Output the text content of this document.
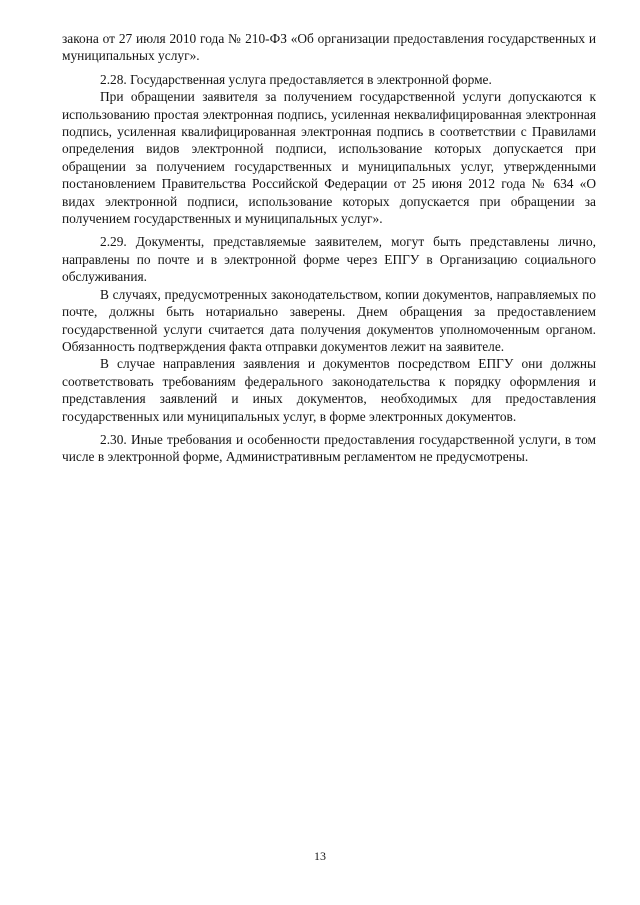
закона от 27 июля 2010 года № 210-ФЗ «Об организации предоставления государственных и муниципальных услуг».

2.28. Государственная услуга предоставляется в электронной форме.

При обращении заявителя за получением государственной услуги допускаются к использованию простая электронная подпись, усиленная неквалифицированная электронная подпись, усиленная квалифицированная электронная подпись в соответствии с Правилами определения видов электронной подписи, использование которых допускается при обращении за получением государственных и муниципальных услуг, утвержденными постановлением Правительства Российской Федерации от 25 июня 2012 года № 634 «О видах электронной подписи, использование которых допускается при обращении за получением государственных и муниципальных услуг».

2.29. Документы, представляемые заявителем, могут быть представлены лично, направлены по почте и в электронной форме через ЕПГУ в Организацию социального обслуживания.

В случаях, предусмотренных законодательством, копии документов, направляемых по почте, должны быть нотариально заверены. Днем обращения за предоставлением государственной услуги считается дата получения документов уполномоченным органом. Обязанность подтверждения факта отправки документов лежит на заявителе.

В случае направления заявления и документов посредством ЕПГУ они должны соответствовать требованиям федерального законодательства к порядку оформления и представления заявлений и иных документов, необходимых для предоставления государственных или муниципальных услуг, в форме электронных документов.

2.30. Иные требования и особенности предоставления государственной услуги, в том числе в электронной форме, Административным регламентом не предусмотрены.

13
